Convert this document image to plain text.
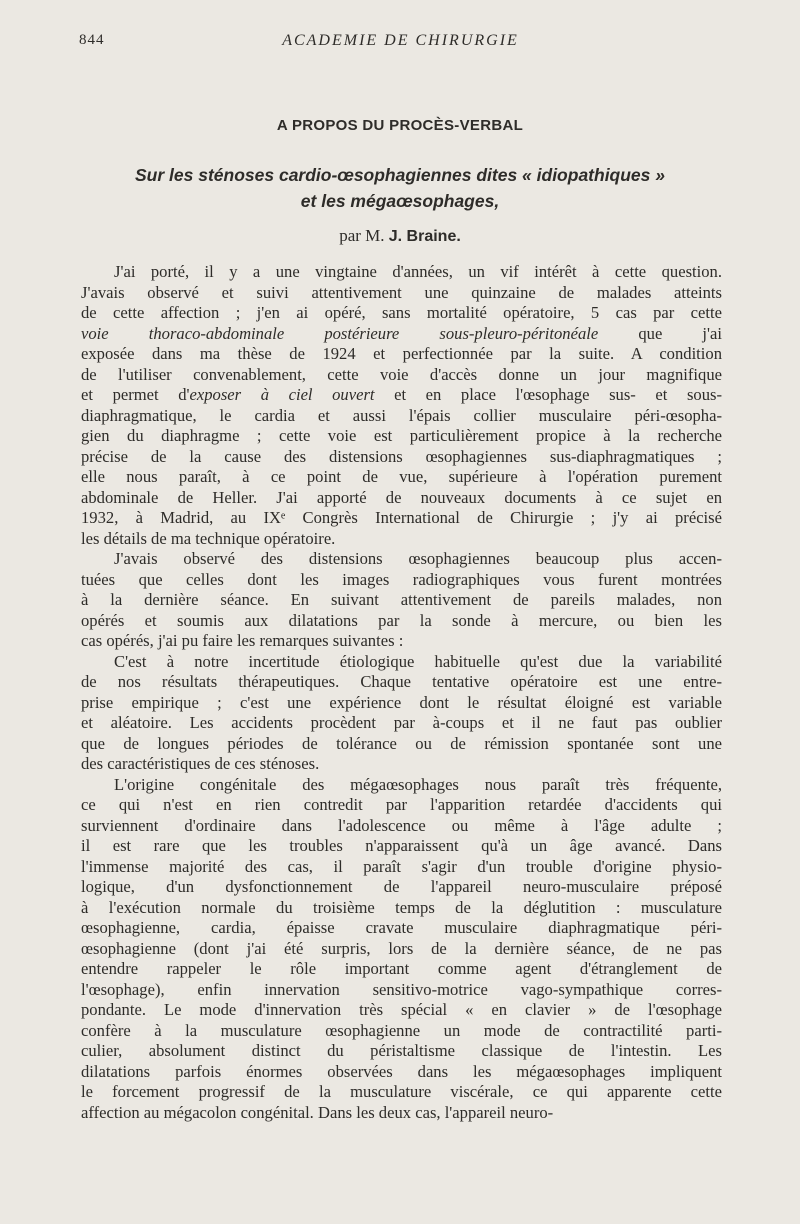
844	ACADEMIE DE CHIRURGIE
A PROPOS DU PROCÈS-VERBAL
Sur les sténoses cardio-œsophagiennes dites « idiopathiques »
et les mégaœsophages,
par M. J. Braine.
J'ai porté, il y a une vingtaine d'années, un vif intérêt à cette question.
J'avais observé et suivi attentivement une quinzaine de malades atteints
de cette affection ; j'en ai opéré, sans mortalité opératoire, 5 cas par cette
voie thoraco-abdominale postérieure sous-pleuro-péritonéale que j'ai
exposée dans ma thèse de 1924 et perfectionnée par la suite. A condition
de l'utiliser convenablement, cette voie d'accès donne un jour magnifique
et permet d'exposer à ciel ouvert et en place l'œsophage sus- et sous-
diaphragmatique, le cardia et aussi l'épais collier musculaire péri-œsopha-
gien du diaphragme ; cette voie est particulièrement propice à la recherche
précise de la cause des distensions œsophagiennes sus-diaphragmatiques ;
elle nous paraît, à ce point de vue, supérieure à l'opération purement
abdominale de Heller. J'ai apporté de nouveaux documents à ce sujet en
1932, à Madrid, au IXᵉ Congrès International de Chirurgie ; j'y ai précisé
les détails de ma technique opératoire.
J'avais observé des distensions œsophagiennes beaucoup plus accen-
tuées que celles dont les images radiographiques vous furent montrées
à la dernière séance. En suivant attentivement de pareils malades, non
opérés et soumis aux dilatations par la sonde à mercure, ou bien les
cas opérés, j'ai pu faire les remarques suivantes :
C'est à notre incertitude étiologique habituelle qu'est due la variabilité
de nos résultats thérapeutiques. Chaque tentative opératoire est une entre-
prise empirique ; c'est une expérience dont le résultat éloigné est variable
et aléatoire. Les accidents procèdent par à-coups et il ne faut pas oublier
que de longues périodes de tolérance ou de rémission spontanée sont une
des caractéristiques de ces sténoses.
L'origine congénitale des mégaœsophages nous paraît très fréquente,
ce qui n'est en rien contredit par l'apparition retardée d'accidents qui
surviennent d'ordinaire dans l'adolescence ou même à l'âge adulte ;
il est rare que les troubles n'apparaissent qu'à un âge avancé. Dans
l'immense majorité des cas, il paraît s'agir d'un trouble d'origine physio-
logique, d'un dysfonctionnement de l'appareil neuro-musculaire préposé
à l'exécution normale du troisième temps de la déglutition : musculature
œsophagienne, cardia, épaisse cravate musculaire diaphragmatique péri-
œsophagienne (dont j'ai été surpris, lors de la dernière séance, de ne pas
entendre rappeler le rôle important comme agent d'étranglement de
l'œsophage), enfin innervation sensitivo-motrice vago-sympathique corres-
pondante. Le mode d'innervation très spécial « en clavier » de l'œsophage
confère à la musculature œsophagienne un mode de contractilité parti-
culier, absolument distinct du péristaltisme classique de l'intestin. Les
dilatations parfois énormes observées dans les mégaœsophages impliquent
le forcement progressif de la musculature viscérale, ce qui apparente cette
affection au mégacolon congénital. Dans les deux cas, l'appareil neuro-
